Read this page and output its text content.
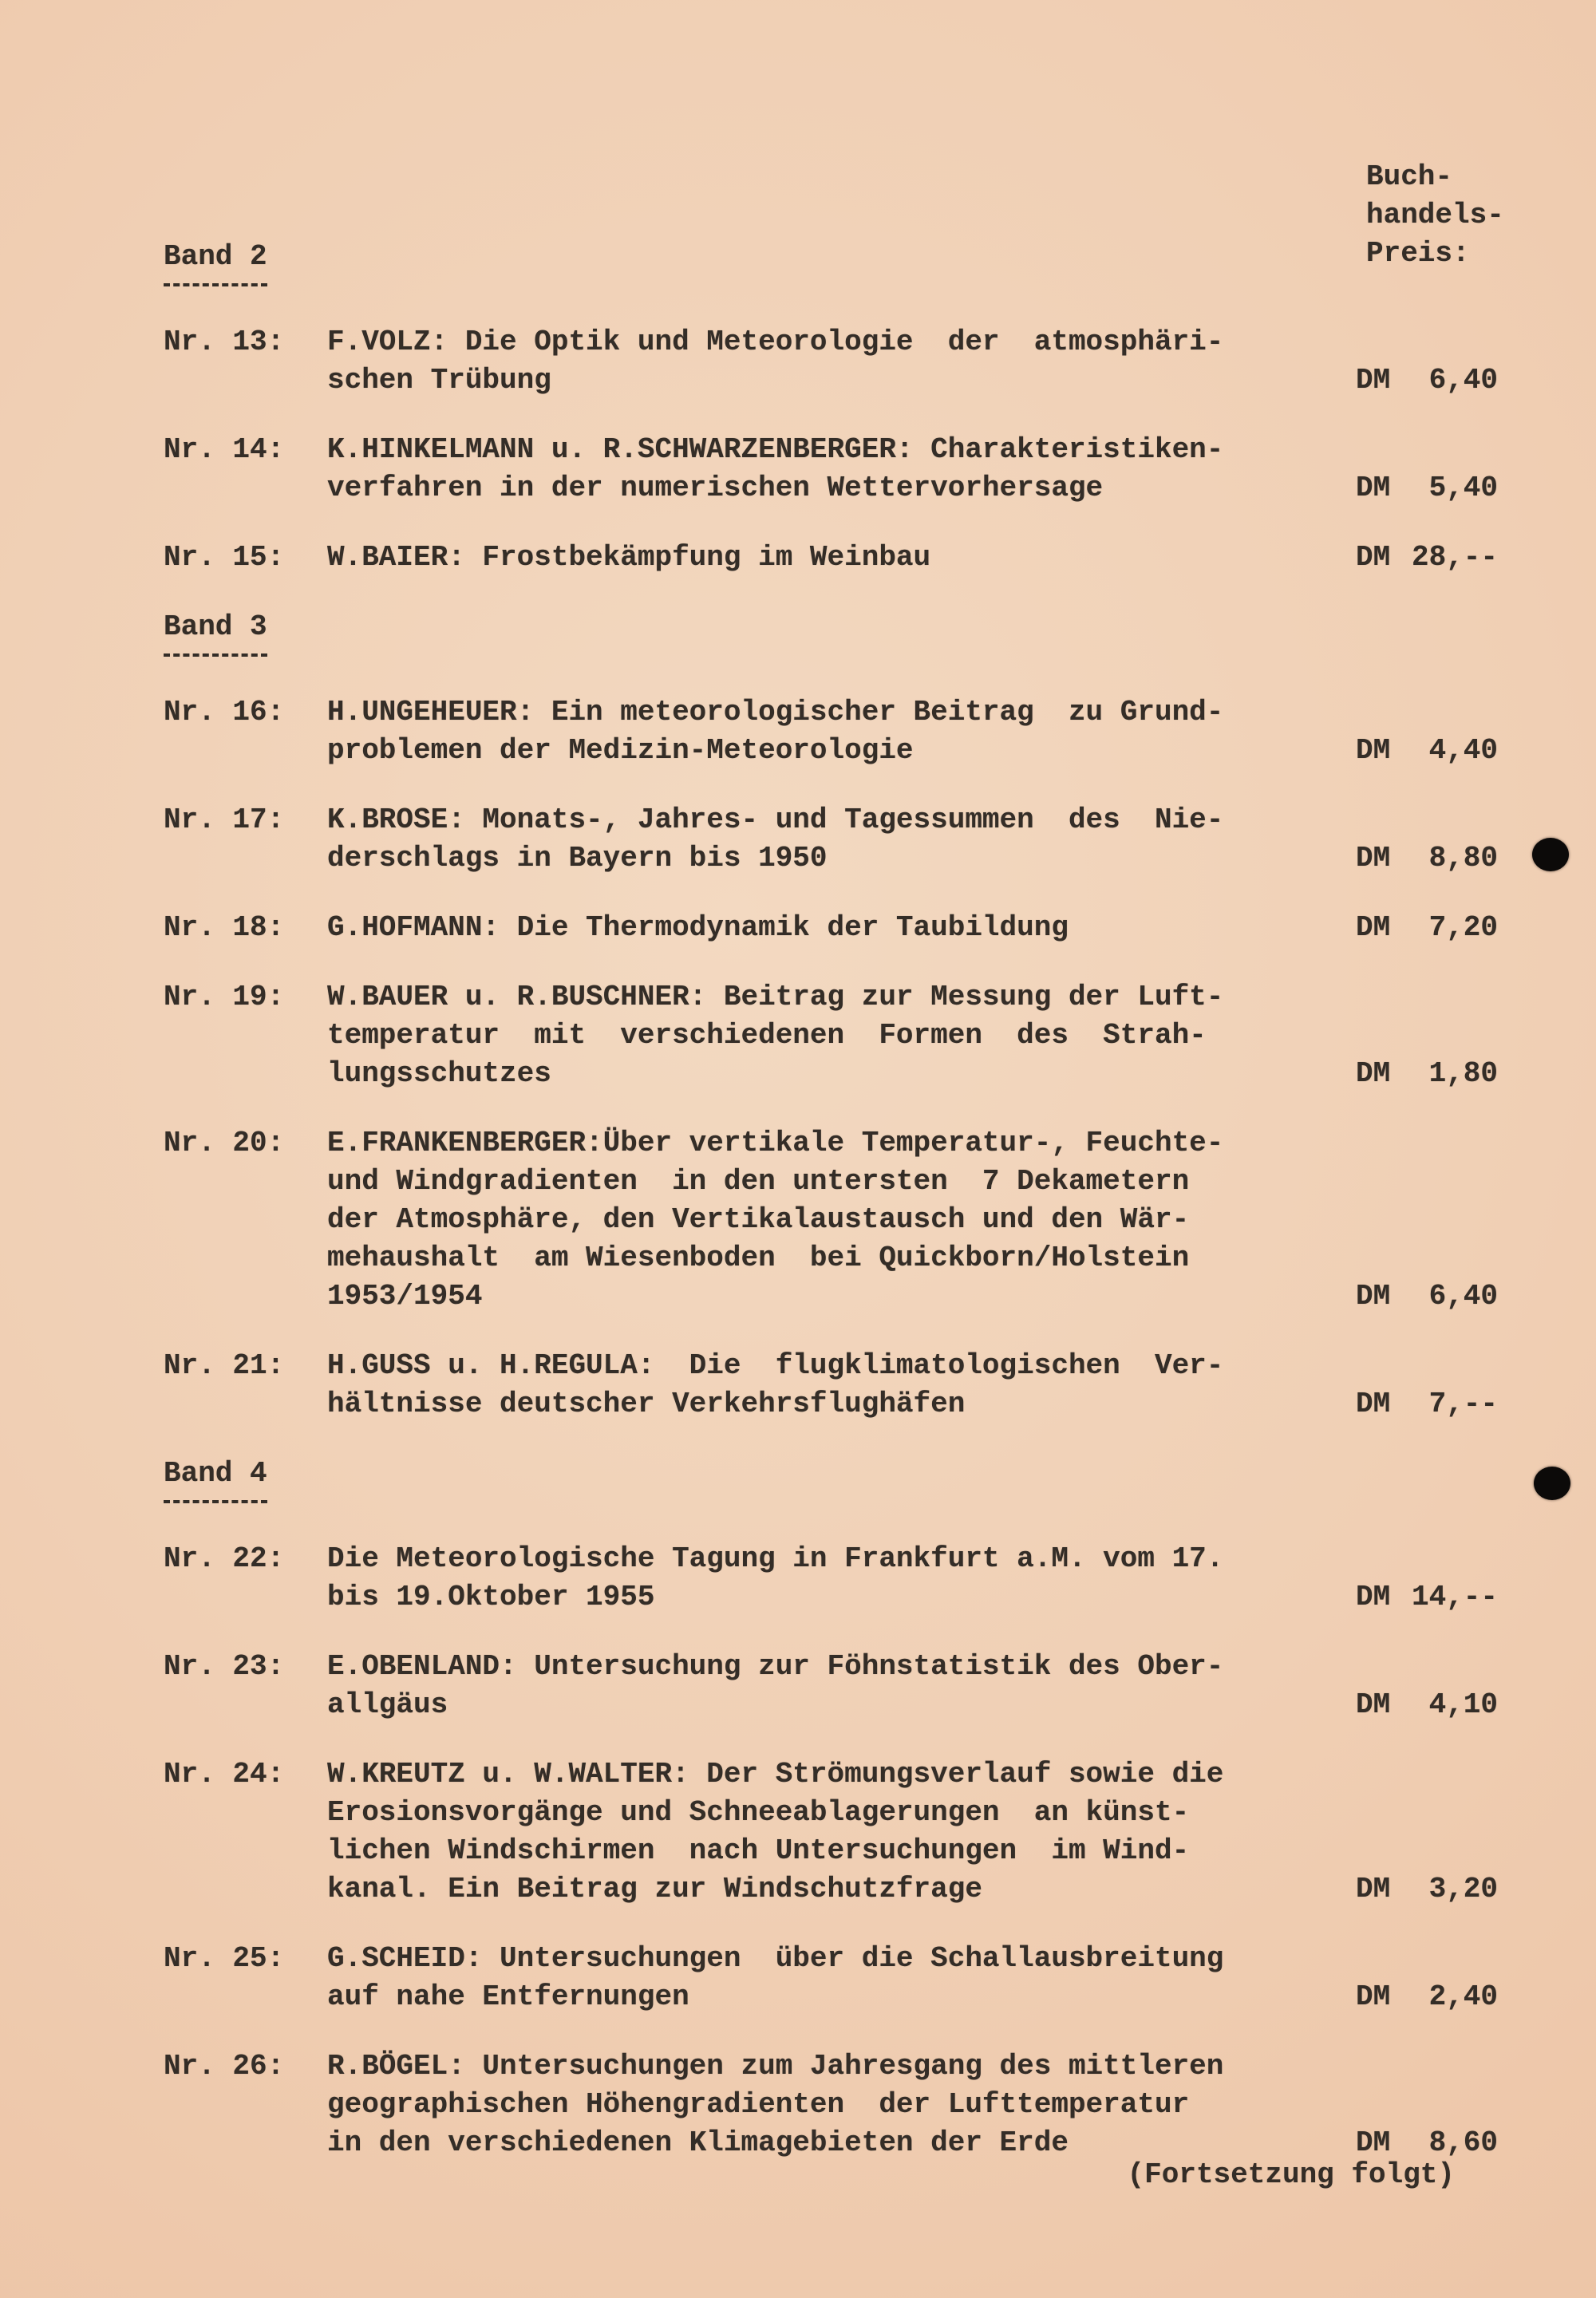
Buch-
handels-
Preis:
Band 2
Nr. 13:	F.VOLZ: Die Optik und Meteorologie  der  atmosphäri-
schen Trübung	DM 6,40
Nr. 14:	K.HINKELMANN u. R.SCHWARZENBERGER: Charakteristiken-
verfahren in der numerischen Wettervorhersage	DM 5,40
Nr. 15:	W.BAIER: Frostbekämpfung im Weinbau	DM 28,--
Band 3
Nr. 16:	H.UNGEHEUER: Ein meteorologischer Beitrag  zu Grund-
problemen der Medizin-Meteorologie	DM 4,40
Nr. 17:	K.BROSE: Monats-, Jahres- und Tagessummen  des  Nie-
derschlags in Bayern bis 1950	DM 8,80
Nr. 18:	G.HOFMANN: Die Thermodynamik der Taubildung	DM 7,20
Nr. 19:	W.BAUER u. R.BUSCHNER: Beitrag zur Messung der Luft-
temperatur  mit  verschiedenen  Formen  des  Strah-
lungsschutzes	DM 1,80
Nr. 20:	E.FRANKENBERGER:Über vertikale Temperatur-, Feuchte-
und Windgradienten  in den untersten  7 Dekametern
der Atmosphäre, den Vertikalaustausch und den Wär-
mehaushalt  am Wiesenboden  bei Quickborn/Holstein
1953/1954	DM 6,40
Nr. 21:	H.GUSS u. H.REGULA:  Die  flugklimatologischen  Ver-
hältnisse deutscher Verkehrsflughäfen	DM 7,--
Band 4
Nr. 22:	Die Meteorologische Tagung in Frankfurt a.M. vom 17.
bis 19.Oktober 1955	DM 14,--
Nr. 23:	E.OBENLAND: Untersuchung zur Föhnstatistik des Ober-
allgäus	DM 4,10
Nr. 24:	W.KREUTZ u. W.WALTER: Der Strömungsverlauf sowie die
Erosionsvorgänge und Schneeablagerungen  an künst-
lichen Windschirmen  nach Untersuchungen  im Wind-
kanal. Ein Beitrag zur Windschutzfrage	DM 3,20
Nr. 25:	G.SCHEID: Untersuchungen  über die Schallausbreitung
auf nahe Entfernungen	DM 2,40
Nr. 26:	R.BÖGEL: Untersuchungen zum Jahresgang des mittleren
geographischen Höhengradienten  der Lufttemperatur
in den verschiedenen Klimagebieten der Erde	DM 8,60
(Fortsetzung folgt)
